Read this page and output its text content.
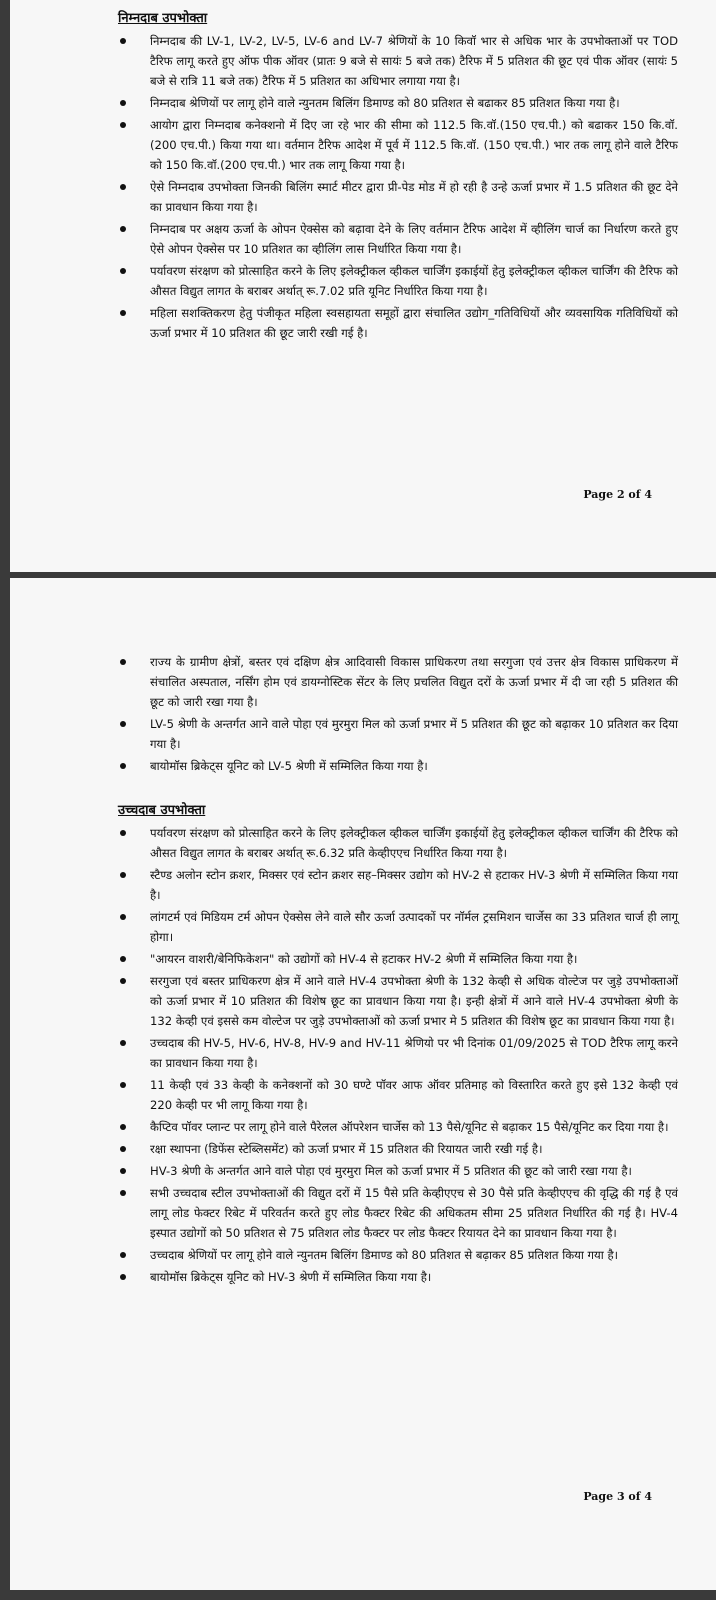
निम्नदाब उपभोक्ता
निम्नदाब की LV-1, LV-2, LV-5, LV-6 and LV-7 श्रेणियों के 10 किवॉ भार से अधिक भार के उपभोक्ताओं पर TOD टैरिफ लागू करते हुए ऑफ पीक ऑवर (प्रातः 9 बजे से सायंः 5 बजे तक) टैरिफ में 5 प्रतिशत की छूट एवं पीक ऑवर (सायंः 5 बजे से रात्रि 11 बजे तक) टैरिफ में 5 प्रतिशत का अधिभार लगाया गया है।
निम्नदाब श्रेणियों पर लागू होने वाले न्युनतम बिलिंग डिमाण्ड को 80 प्रतिशत से बढाकर 85 प्रतिशत किया गया है।
आयोग द्वारा निम्नदाब कनेक्शनो में दिए जा रहे भार की सीमा को 112.5 कि.वॉ.(150 एच.पी.) को बढाकर 150 कि.वॉ.(200 एच.पी.) किया गया था। वर्तमान टैरिफ आदेश में पूर्व में 112.5 कि.वॉ. (150 एच.पी.) भार तक लागू होने वाले टैरिफ को 150 कि.वॉ.(200 एच.पी.) भार तक लागू किया गया है।
ऐसे निम्नदाब उपभोक्ता जिनकी बिलिंग स्मार्ट मीटर द्वारा प्री-पेड मोड में हो रही है उन्हे ऊर्जा प्रभार में 1.5 प्रतिशत की छूट देने का प्रावधान किया गया है।
निम्नदाब पर अक्षय ऊर्जा के ओपन ऐक्सेस को बढ़ावा देने के लिए वर्तमान टैरिफ आदेश में व्हीलिंग चार्ज का निर्धारण करते हुए ऐसे ओपन ऐक्सेस पर 10 प्रतिशत का व्हीलिंग लास निर्धारित किया गया है।
पर्यावरण संरक्षण को प्रोत्साहित करने के लिए इलेक्ट्रीकल व्हीकल चार्जिंग इकाईयों हेतु इलेक्ट्रीकल व्हीकल चार्जिंग की टैरिफ को औसत विद्युत लागत के बराबर अर्थात् रू.7.02 प्रति यूनिट निर्धारित किया गया है।
महिला सशक्तिकरण हेतु पंजीकृत महिला स्वसहायता समूहों द्वारा संचालित उद्योग_गतिविधियों और व्यवसायिक गतिविधियों को ऊर्जा प्रभार में 10 प्रतिशत की छूट जारी रखी गई है।
Page 2 of 4
राज्य के ग्रामीण क्षेत्रों, बस्तर एवं दक्षिण क्षेत्र आदिवासी विकास प्राधिकरण तथा सरगुजा एवं उत्तर क्षेत्र विकास प्राधिकरण में संचालित अस्पताल, नर्सिंग होम एवं डायग्नोस्टिक सेंटर के लिए प्रचलित विद्युत दरों के ऊर्जा प्रभार में दी जा रही 5 प्रतिशत की छूट को जारी रखा गया है।
LV-5 श्रेणी के अन्तर्गत आने वाले पोहा एवं मुरमुरा मिल को ऊर्जा प्रभार में 5 प्रतिशत की छूट को बढ़ाकर 10 प्रतिशत कर दिया गया है।
बायोमॉस ब्रिकेट्स यूनिट को LV-5 श्रेणी में सम्मिलित किया गया है।
उच्चदाब उपभोक्ता
पर्यावरण संरक्षण को प्रोत्साहित करने के लिए इलेक्ट्रीकल व्हीकल चार्जिंग इकाईयों हेतु इलेक्ट्रीकल व्हीकल चार्जिंग की टैरिफ को औसत विद्युत लागत के बराबर अर्थात् रू.6.32 प्रति केव्हीएएच निर्धारित किया गया है।
स्टैण्ड अलोन स्टोन क्रशर, मिक्सर एवं स्टोन क्रशर सह–मिक्सर उद्योग को HV-2 से हटाकर HV-3 श्रेणी में सम्मिलित किया गया है।
लांगटर्म एवं मिडियम टर्म ओपन ऐक्सेस लेने वाले सौर ऊर्जा उत्पादकों पर नॉर्मल ट्रसमिशन चार्जेस का 33 प्रतिशत चार्ज ही लागू होगा।
"आयरन वाशरी/बेनिफिकेशन" को उद्योगों को HV-4 से हटाकर HV-2 श्रेणी में सम्मिलित किया गया है।
सरगुजा एवं बस्तर प्राधिकरण क्षेत्र में आने वाले HV-4 उपभोक्ता श्रेणी के 132 केव्ही से अधिक वोल्टेज पर जुड़े उपभोक्ताओं को ऊर्जा प्रभार में 10 प्रतिशत की विशेष छूट का प्रावधान किया गया है। इन्ही क्षेत्रों में आने वाले HV-4 उपभोक्ता श्रेणी के 132 केव्ही एवं इससे कम वोल्टेज पर जुड़े उपभोक्ताओं को ऊर्जा प्रभार मे 5 प्रतिशत की विशेष छूट का प्रावधान किया गया है।
उच्चदाब की HV-5, HV-6, HV-8, HV-9 and HV-11 श्रेणियो पर भी दिनांक 01/09/2025 से TOD टैरिफ लागू करने का प्रावधान किया गया है।
11 केव्ही एवं 33 केव्ही के कनेक्शनों को 30 घण्टे पॉवर आफ ऑवर प्रतिमाह को विस्तारित करते हुए इसे 132 केव्ही एवं 220 केव्ही पर भी लागू किया गया है।
कैप्टिव पॉवर प्लान्ट पर लागू होने वाले पैरेलल ऑपरेशन चार्जेस को 13 पैसे/यूनिट से बढ़ाकर 15 पैसे/यूनिट कर दिया गया है।
रक्षा स्थापना (डिफेंस स्टेब्लिसमेंट) को ऊर्जा प्रभार में 15 प्रतिशत की रियायत जारी रखी गई है।
HV-3 श्रेणी के अन्तर्गत आने वाले पोहा एवं मुरमुरा मिल को ऊर्जा प्रभार में 5 प्रतिशत की छूट को जारी रखा गया है।
सभी उच्चदाब स्टील उपभोक्ताओं की विद्युत दरों में 15 पैसे प्रति केव्हीएएच से 30 पैसे प्रति केव्हीएएच की वृद्धि की गई है एवं लागू लोड फेक्टर रिबेट में परिवर्तन करते हुए लोड फैक्टर रिबेट की अधिकतम सीमा 25 प्रतिशत निर्धारित की गई है। HV-4 इस्पात उद्योगों को 50 प्रतिशत से 75 प्रतिशत लोड फैक्टर पर लोड फैक्टर रियायत देने का प्रावधान किया गया है।
उच्चदाब श्रेणियों पर लागू होने वाले न्युनतम बिलिंग डिमाण्ड को 80 प्रतिशत से बढ़ाकर 85 प्रतिशत किया गया है।
बायोमॉस ब्रिकेट्स यूनिट को HV-3 श्रेणी में सम्मिलित किया गया है।
Page 3 of 4
